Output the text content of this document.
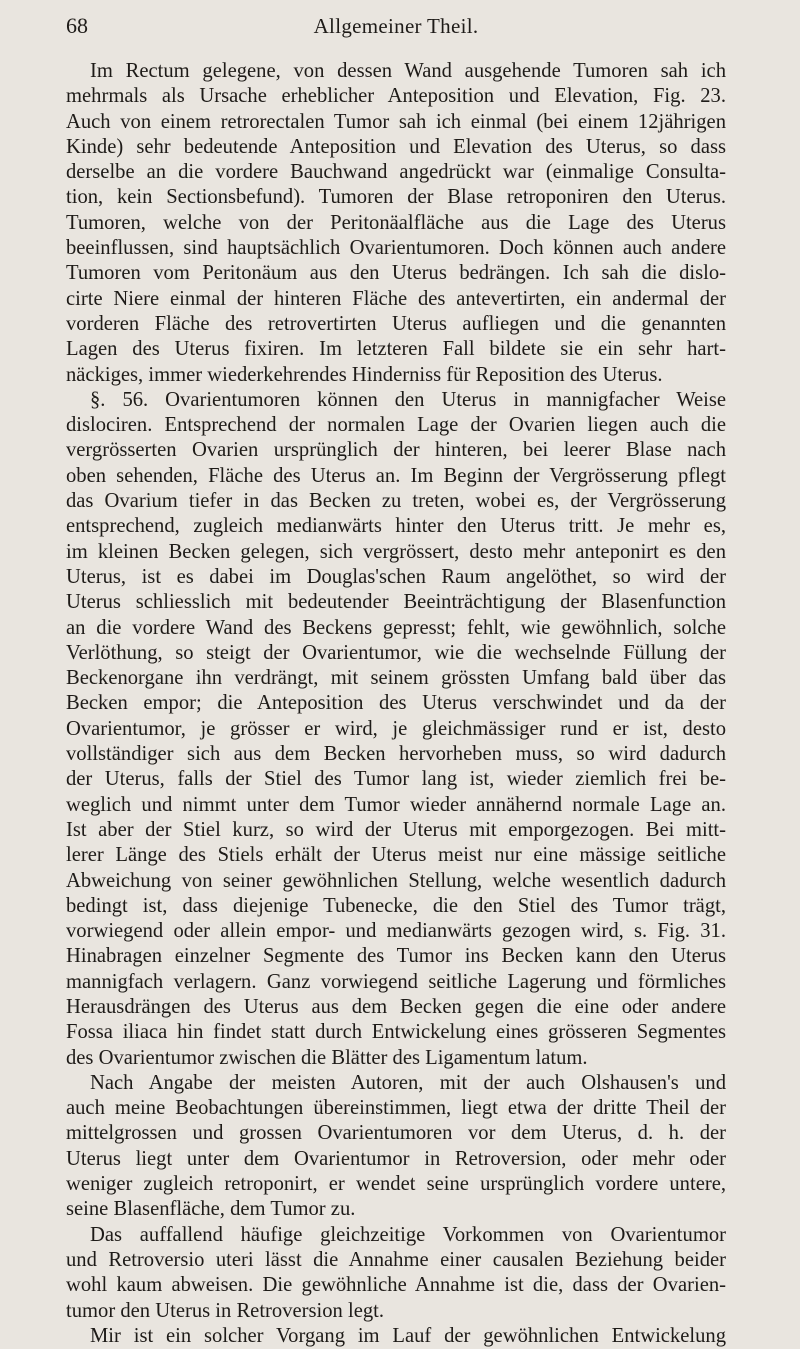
68	Allgemeiner Theil.
Im Rectum gelegene, von dessen Wand ausgehende Tumoren sah ich
mehrmals als Ursache erheblicher Anteposition und Elevation, Fig. 23.
Auch von einem retrorectalen Tumor sah ich einmal (bei einem 12jährigen
Kinde) sehr bedeutende Anteposition und Elevation des Uterus, so dass
derselbe an die vordere Bauchwand angedrückt war (einmalige Consulta-
tion, kein Sectionsbefund). Tumoren der Blase retroponiren den Uterus.
Tumoren, welche von der Peritonäalfläche aus die Lage des Uterus
beeinflussen, sind hauptsächlich Ovarientumoren. Doch können auch andere
Tumoren vom Peritonäum aus den Uterus bedrängen. Ich sah die dislo-
cirte Niere einmal der hinteren Fläche des antevertirten, ein andermal der
vorderen Fläche des retrovertirten Uterus aufliegen und die genannten
Lagen des Uterus fixiren. Im letzteren Fall bildete sie ein sehr hart-
näckiges, immer wiederkehrendes Hinderniss für Reposition des Uterus.
§. 56. Ovarientumoren können den Uterus in mannigfacher Weise
dislociren. Entsprechend der normalen Lage der Ovarien liegen auch die
vergrösserten Ovarien ursprünglich der hinteren, bei leerer Blase nach
oben sehenden, Fläche des Uterus an. Im Beginn der Vergrösserung pflegt
das Ovarium tiefer in das Becken zu treten, wobei es, der Vergrösserung
entsprechend, zugleich medianwärts hinter den Uterus tritt. Je mehr es,
im kleinen Becken gelegen, sich vergrössert, desto mehr anteponirt es den
Uterus, ist es dabei im Douglas'schen Raum angelöthet, so wird der
Uterus schliesslich mit bedeutender Beeinträchtigung der Blasenfunction
an die vordere Wand des Beckens gepresst; fehlt, wie gewöhnlich, solche
Verlöthung, so steigt der Ovarientumor, wie die wechselnde Füllung der
Beckenorgane ihn verdrängt, mit seinem grössten Umfang bald über das
Becken empor; die Anteposition des Uterus verschwindet und da der
Ovarientumor, je grösser er wird, je gleichmässiger rund er ist, desto
vollständiger sich aus dem Becken hervorheben muss, so wird dadurch
der Uterus, falls der Stiel des Tumor lang ist, wieder ziemlich frei be-
weglich und nimmt unter dem Tumor wieder annähernd normale Lage an.
Ist aber der Stiel kurz, so wird der Uterus mit emporgezogen. Bei mitt-
lerer Länge des Stiels erhält der Uterus meist nur eine mässige seitliche
Abweichung von seiner gewöhnlichen Stellung, welche wesentlich dadurch
bedingt ist, dass diejenige Tubenecke, die den Stiel des Tumor trägt,
vorwiegend oder allein empor- und medianwärts gezogen wird, s. Fig. 31.
Hinabragen einzelner Segmente des Tumor ins Becken kann den Uterus
mannigfach verlagern. Ganz vorwiegend seitliche Lagerung und förmliches
Herausdrängen des Uterus aus dem Becken gegen die eine oder andere
Fossa iliaca hin findet statt durch Entwickelung eines grösseren Segmentes
des Ovarientumor zwischen die Blätter des Ligamentum latum.
Nach Angabe der meisten Autoren, mit der auch Olshausen's und
auch meine Beobachtungen übereinstimmen, liegt etwa der dritte Theil der
mittelgrossen und grossen Ovarientumoren vor dem Uterus, d. h. der
Uterus liegt unter dem Ovarientumor in Retroversion, oder mehr oder
weniger zugleich retroponirt, er wendet seine ursprünglich vordere untere,
seine Blasenfläche, dem Tumor zu.
Das auffallend häufige gleichzeitige Vorkommen von Ovarientumor
und Retroversio uteri lässt die Annahme einer causalen Beziehung beider
wohl kaum abweisen. Die gewöhnliche Annahme ist die, dass der Ovarien-
tumor den Uterus in Retroversion legt.
Mir ist ein solcher Vorgang im Lauf der gewöhnlichen Entwickelung
